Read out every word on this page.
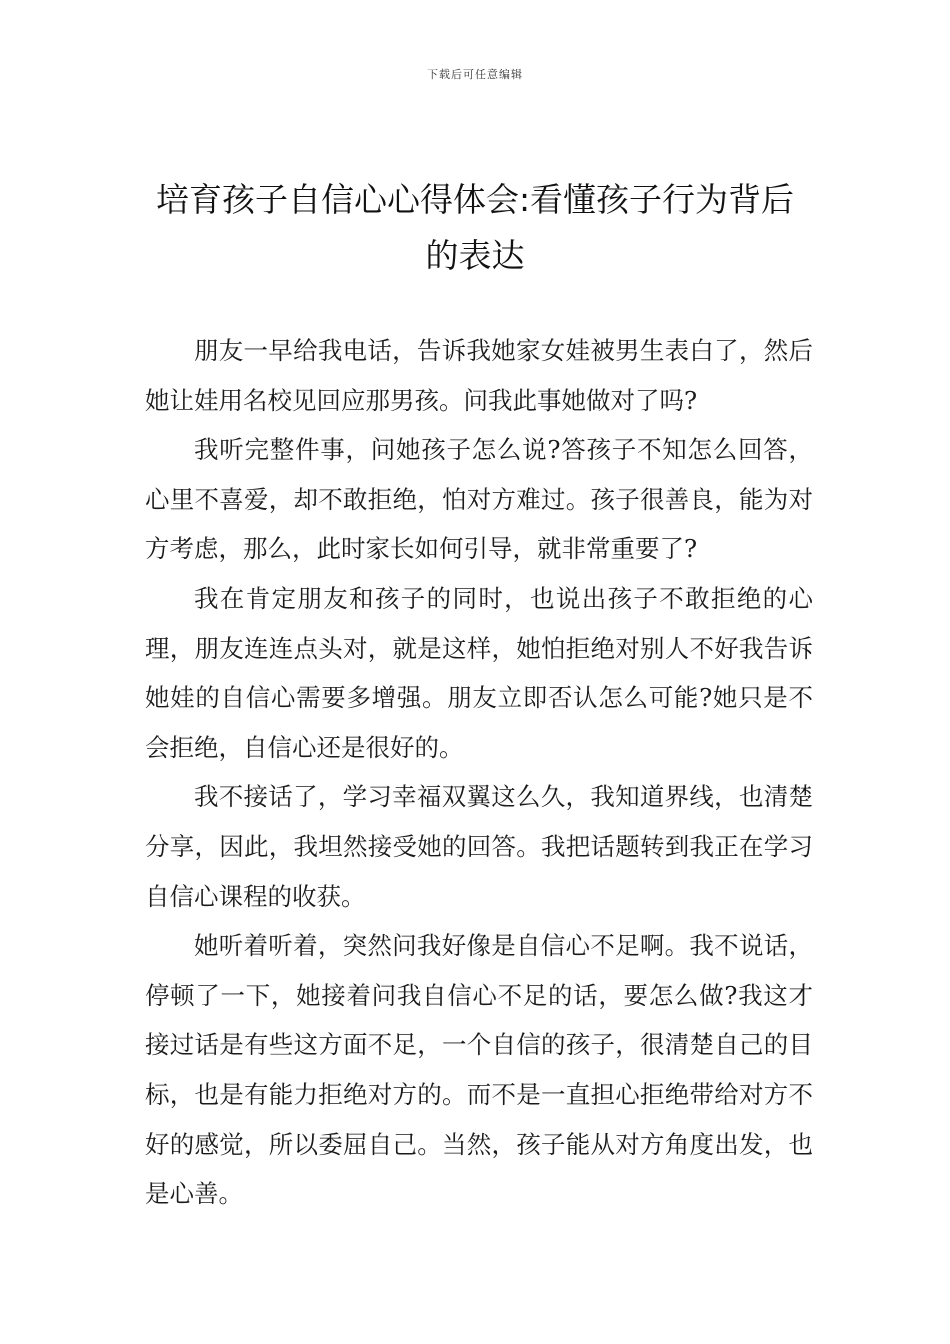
下载后可任意编辑
培育孩子自信心心得体会:看懂孩子行为背后的表达

朋友一早给我电话，告诉我她家女娃被男生表白了，然后她让娃用名校见回应那男孩。问我此事她做对了吗?

我听完整件事，问她孩子怎么说?答孩子不知怎么回答，心里不喜爱，却不敢拒绝，怕对方难过。孩子很善良，能为对方考虑，那么，此时家长如何引导，就非常重要了?

我在肯定朋友和孩子的同时，也说出孩子不敢拒绝的心理，朋友连连点头对，就是这样，她怕拒绝对别人不好我告诉她娃的自信心需要多增强。朋友立即否认怎么可能?她只是不会拒绝，自信心还是很好的。

我不接话了，学习幸福双翼这么久，我知道界线，也清楚分享，因此，我坦然接受她的回答。我把话题转到我正在学习自信心课程的收获。

她听着听着，突然问我好像是自信心不足啊。我不说话，停顿了一下，她接着问我自信心不足的话，要怎么做?我这才接过话是有些这方面不足，一个自信的孩子，很清楚自己的目标，也是有能力拒绝对方的。而不是一直担心拒绝带给对方不好的感觉，所以委屈自己。当然，孩子能从对方角度出发，也是心善。
